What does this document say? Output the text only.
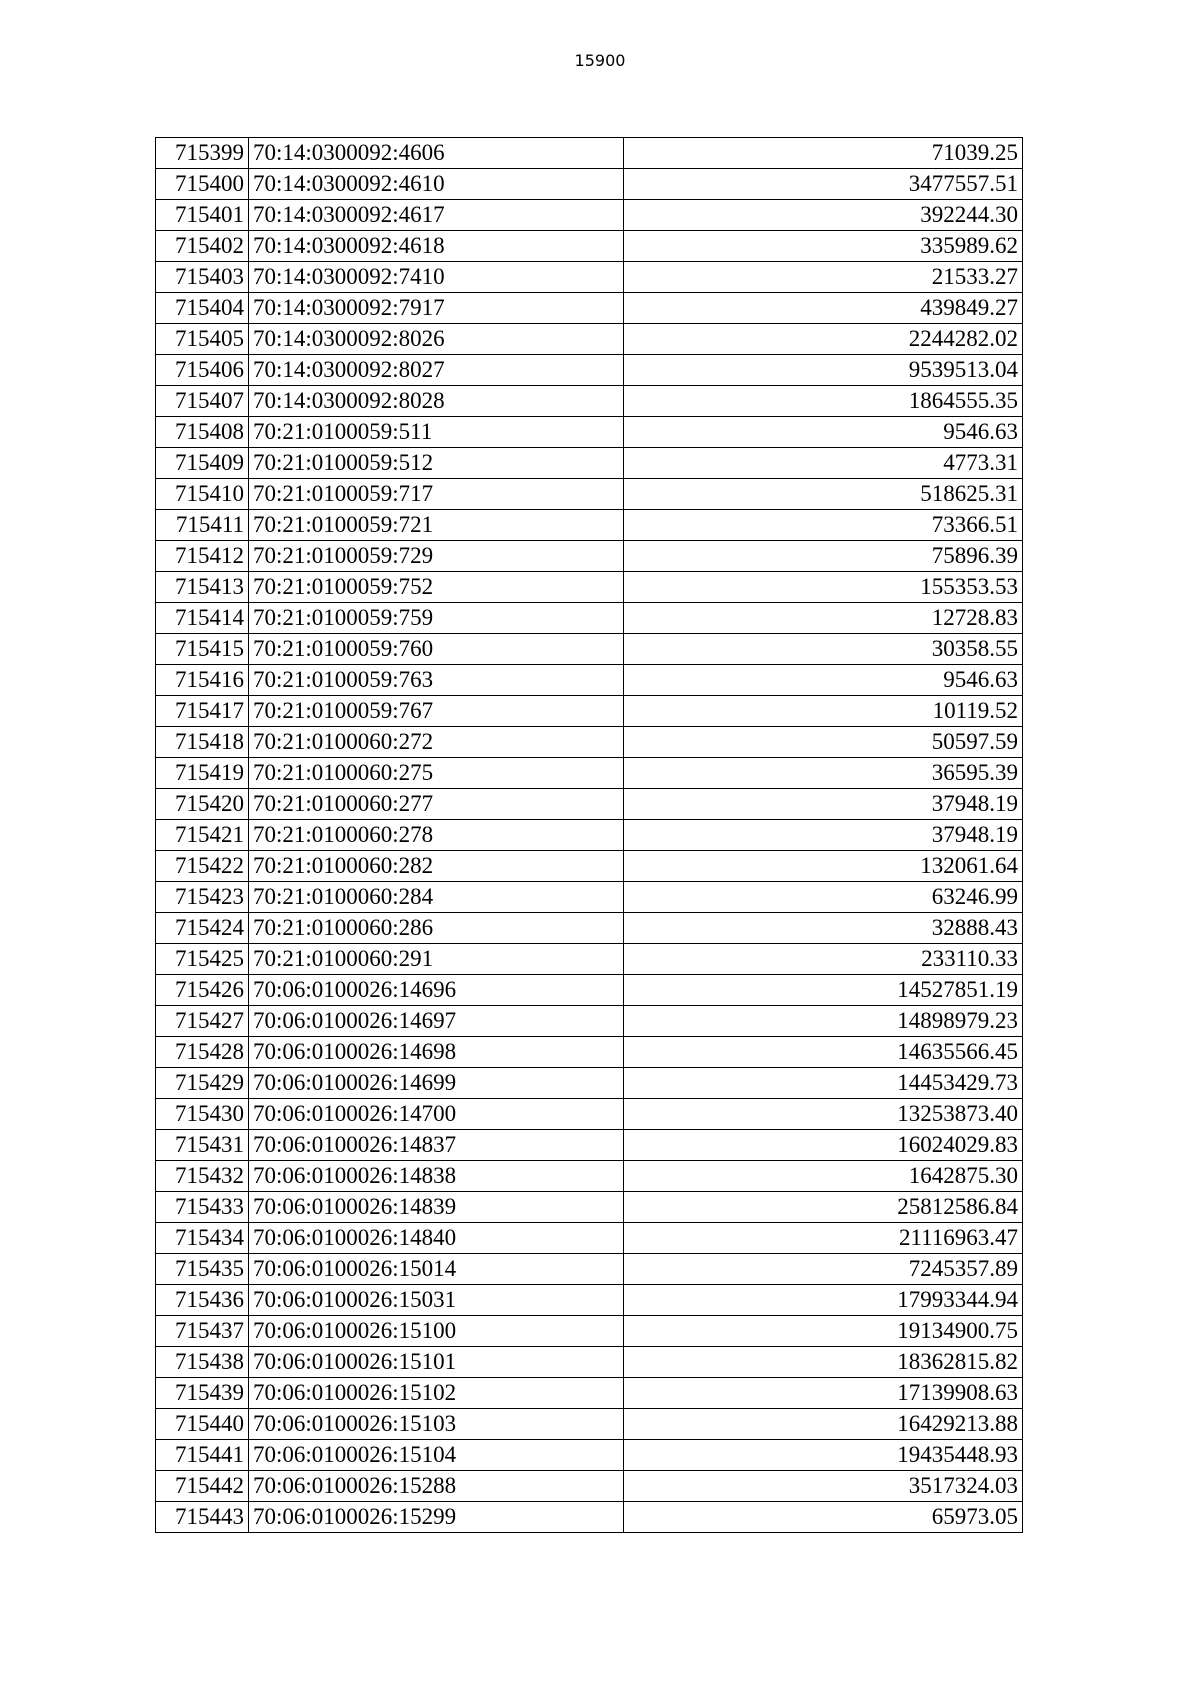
15900
715399	70:14:0300092:4606	71039.25
715400	70:14:0300092:4610	3477557.51
715401	70:14:0300092:4617	392244.30
715402	70:14:0300092:4618	335989.62
715403	70:14:0300092:7410	21533.27
715404	70:14:0300092:7917	439849.27
715405	70:14:0300092:8026	2244282.02
715406	70:14:0300092:8027	9539513.04
715407	70:14:0300092:8028	1864555.35
715408	70:21:0100059:511	9546.63
715409	70:21:0100059:512	4773.31
715410	70:21:0100059:717	518625.31
715411	70:21:0100059:721	73366.51
715412	70:21:0100059:729	75896.39
715413	70:21:0100059:752	155353.53
715414	70:21:0100059:759	12728.83
715415	70:21:0100059:760	30358.55
715416	70:21:0100059:763	9546.63
715417	70:21:0100059:767	10119.52
715418	70:21:0100060:272	50597.59
715419	70:21:0100060:275	36595.39
715420	70:21:0100060:277	37948.19
715421	70:21:0100060:278	37948.19
715422	70:21:0100060:282	132061.64
715423	70:21:0100060:284	63246.99
715424	70:21:0100060:286	32888.43
715425	70:21:0100060:291	233110.33
715426	70:06:0100026:14696	14527851.19
715427	70:06:0100026:14697	14898979.23
715428	70:06:0100026:14698	14635566.45
715429	70:06:0100026:14699	14453429.73
715430	70:06:0100026:14700	13253873.40
715431	70:06:0100026:14837	16024029.83
715432	70:06:0100026:14838	1642875.30
715433	70:06:0100026:14839	25812586.84
715434	70:06:0100026:14840	21116963.47
715435	70:06:0100026:15014	7245357.89
715436	70:06:0100026:15031	17993344.94
715437	70:06:0100026:15100	19134900.75
715438	70:06:0100026:15101	18362815.82
715439	70:06:0100026:15102	17139908.63
715440	70:06:0100026:15103	16429213.88
715441	70:06:0100026:15104	19435448.93
715442	70:06:0100026:15288	3517324.03
715443	70:06:0100026:15299	65973.05
